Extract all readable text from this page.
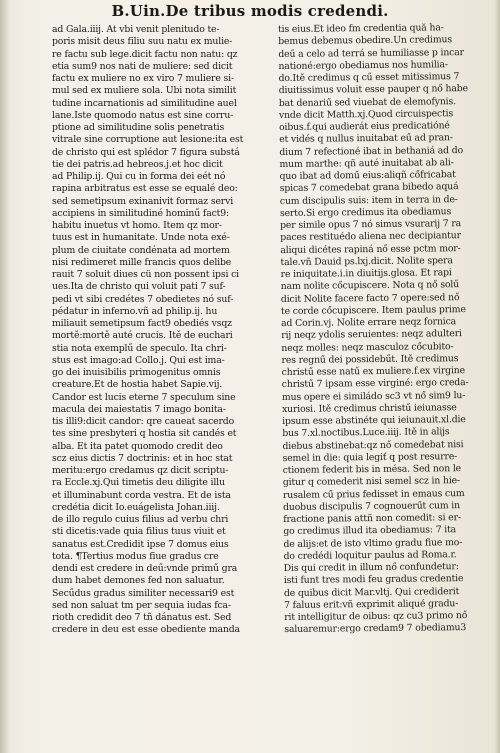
B.Uin.De tribus modis credendi.
ad Gala.iiij. At vbi venit plenitudo te-
poris misit deus filiu suu natu ex mulie-
re factu sub lege.dicit factu non natu: qz
etia sum9 nos nati de muliere: sed dicit
factu ex muliere no ex viro 7 muliere si-
mul sed ex muliere sola. Ubi nota similit
tudine incarnationis ad similitudine auel
lane.Iste quomodo natus est sine corru-
ptione ad similitudine solis penetratis
vitrale sine corruptione aut lesione:ita est
de christo qui est splédor 7 figura substá
tie dei patris.ad hebreos.j.et hoc dicit
ad Philip.ij. Qui cu in forma dei eét nó
rapina arbitratus est esse se equalé deo:
sed semetipsum exinanivit formaz servi
accipiens in similitudiné hominű fact9:
habitu inuetus vt homo. Item qz mor-
tuus est in humanitate. Unde nota exé-
plum de ciuitate condénata ad mortem
nisi redimeret mille francis quos delibe
rauit 7 soluit diues cü non possent ipsi ci
ues.Ita de christo qui voluit pati 7 suf-
pedi vt sibi credétes 7 obedietes nó suf-
pédatur in inferno.vñ ad philip.ij. hu
miliauit semetipsum fact9 obediés vsqz
mortě:mortě auté crucis. Itě de euchari
stia nota exemplű de speculo. Ita chri-
stus est imago:ad Collo.j. Qui est ima-
go dei inuisibilis primogenitus omnis
creature.Et de hostia habet Sapie.vij.
Candor est lucis eterne 7 speculum sine
macula dei maiestatis 7 imago bonita-
tis illi9:dicit candor: qre caueat sacerdo
tes sine presbyteri q hostia sit candés et
alba. Et ita patet quomodo credit deo
scz eius dictis 7 doctrinis: et in hoc stat
meritu:ergo credamus qz dicit scriptu-
ra Eccle.xj.Qui timetis deu diligite illu
et illuminabunt corda vestra. Et de ista
credétia dicit Io.euágelista Johan.iiij.
de illo regulo cuius filius ad verbu chri
sti dicetis:vade quia filius tuus viuit et
sanatus est.Credidit ipse 7 domus eius
tota. ¶Tertius modus fiue gradus cre
dendi est credere in deű:vnde primű gra
dum habet demones fed non saluatur.
Secűdus gradus similiter necessari9 est
sed non saluat tm per sequia iudas fca-
rioth credidit deo 7 tñ dánatus est. Sed
credere in deu est esse obediente manda
tis eius.Et ideo fm credentia quă ha-
bemus debemus obedire.Un credimus
deű a celo ad terrá se humiliasse p incar
nationé:ergo obediamus nos humilia-
do.Itě credimus q cű esset mitissimus 7
diuitissimus voluit esse pauper q nő habe
bat denariű sed viuebat de elemofynis.
vnde dicit Matth.xj.Quod circuispectis
oibus.f.qui audierát eius predicatióné
et vidés q nullus inuitabat eű ad pran-
dium 7 refectioné ibat in bethaniá ad do
mum marthe: qñ auté inuitabat ab ali-
quo ibat ad domű eius:aliqñ cőfricabat
spicas 7 comedebat grana bibedo aquá
cum discipulis suis: item in terra in de-
serto.Si ergo credimus ita obediamus
per simile opus 7 nó simus vsurarij 7 ra
paces restituédo aliena nec decipiantur
aliqui dicétes rapiná nő esse pctm mor-
tale.vñ Dauid ps.lxj.dicit. Nolite spera
re iniquitate.i.in diuitijs.glosa. Et rapi
nam nolite cőcupiscere. Nota q nő solű
dicit Nolite facere facto 7 opere:sed nő
te corde cőcupiscere. Item paulus prime
ad Corin.vj. Nolite errare neqz fornica
rij neqz ydolis seruientes: neqz adulteri
neqz molles: neqz masculoz cőcubito-
res regnű dei possidebűt. Itě credimus
christű esse natű ex muliere.f.ex virgine
christű 7 ipsam esse virginé: ergo creda-
mus opere ei similádo sc3 vt nő sim9 lu-
xuriosi. Itě credimus christű ieiunasse
ipsum esse abstinéte qui ieiunauit.xl.die
bus 7.xl.noctibus.Luce.iiij. Itě in alijs
diebus abstinebat:qz nő comedebat nisi
semel in die: quia legiť q post resurre-
ctionem federit bis in mésa. Sed non le
gitur q comederit nisi semel scz in hie-
rusalem cű prius fedisset in emaus cum
duobus discipulis 7 cognouerűt cum in
fractione panis attñ non comedit: si er-
go credimus illud ita obediamus: 7 ita
de alijs:et de isto vltimo gradu fiue mo-
do credédi loquitur paulus ad Roma.r.
Dis qui credit in illum nő confundetur:
isti funt tres modi feu gradus credentie
de quibus dicit Mar.vltj. Qui crediderit
7 faluus erit:vñ exprimit aliqué gradu-
rit intelligitur de oibus: qz cu3 primo nő
saluaremur:ergo credam9 7 obediamu3
